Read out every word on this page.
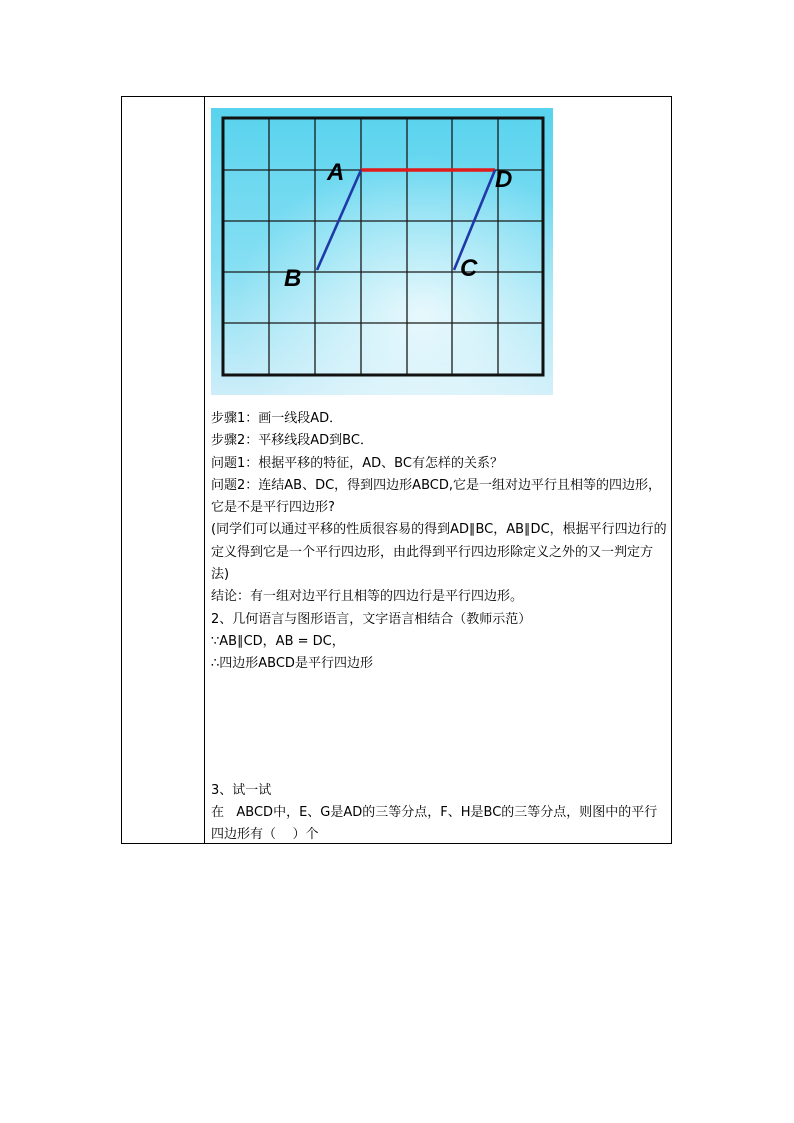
A	D
B	C

步骤1：画一线段AD．

步骤2：平移线段AD到BC．

问题1：根据平移的特征，AD、BC有怎样的关系？

问题2：连结AB、DC，得到四边形ABCD,它是一组对边平行且相等的四边形，它是不是平行四边形?

(同学们可以通过平移的性质很容易的得到AD∥BC，AB∥DC，根据平行四边行的定义得到它是一个平行四边形，由此得到平行四边形除定义之外的又一判定方法)

结论：有一组对边平行且相等的四边行是平行四边形。

2、几何语言与图形语言，文字语言相结合（教师示范）

∵AB∥CD，AB = DC，

∴四边形ABCD是平行四边形

3、试一试

在   ABCD中，E、G是AD的三等分点，F、H是BC的三等分点，则图中的平行四边形有（    ）个
